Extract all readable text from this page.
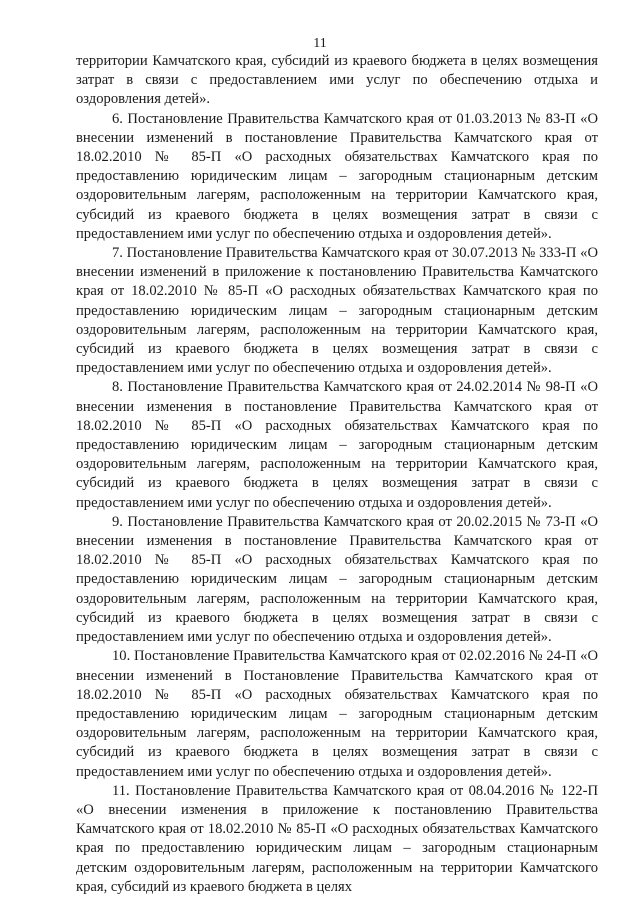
11

территории Камчатского края, субсидий из краевого бюджета в целях возмещения затрат в связи с предоставлением ими услуг по обеспечению отдыха и оздоровления детей».

6. Постановление Правительства Камчатского края от 01.03.2013 № 83-П «О внесении изменений в постановление Правительства Камчатского края от 18.02.2010 № 85-П «О расходных обязательствах Камчатского края по предоставлению юридическим лицам – загородным стационарным детским оздоровительным лагерям, расположенным на территории Камчатского края, субсидий из краевого бюджета в целях возмещения затрат в связи с предоставлением ими услуг по обеспечению отдыха и оздоровления детей».

7. Постановление Правительства Камчатского края от 30.07.2013 № 333-П «О внесении изменений в приложение к постановлению Правительства Камчатского края от 18.02.2010 № 85-П «О расходных обязательствах Камчатского края по предоставлению юридическим лицам – загородным стационарным детским оздоровительным лагерям, расположенным на территории Камчатского края, субсидий из краевого бюджета в целях возмещения затрат в связи с предоставлением ими услуг по обеспечению отдыха и оздоровления детей».

8. Постановление Правительства Камчатского края от 24.02.2014 № 98-П «О внесении изменения в постановление Правительства Камчатского края от 18.02.2010 № 85-П «О расходных обязательствах Камчатского края по предоставлению юридическим лицам – загородным стационарным детским оздоровительным лагерям, расположенным на территории Камчатского края, субсидий из краевого бюджета в целях возмещения затрат в связи с предоставлением ими услуг по обеспечению отдыха и оздоровления детей».

9. Постановление Правительства Камчатского края от 20.02.2015 № 73-П «О внесении изменения в постановление Правительства Камчатского края от 18.02.2010 № 85-П «О расходных обязательствах Камчатского края по предоставлению юридическим лицам – загородным стационарным детским оздоровительным лагерям, расположенным на территории Камчатского края, субсидий из краевого бюджета в целях возмещения затрат в связи с предоставлением ими услуг по обеспечению отдыха и оздоровления детей».

10. Постановление Правительства Камчатского края от 02.02.2016 № 24-П «О внесении изменений в Постановление Правительства Камчатского края от 18.02.2010 № 85-П «О расходных обязательствах Камчатского края по предоставлению юридическим лицам – загородным стационарным детским оздоровительным лагерям, расположенным на территории Камчатского края, субсидий из краевого бюджета в целях возмещения затрат в связи с предоставлением ими услуг по обеспечению отдыха и оздоровления детей».

11. Постановление Правительства Камчатского края от 08.04.2016 № 122-П «О внесении изменения в приложение к постановлению Правительства Камчатского края от 18.02.2010 № 85-П «О расходных обязательствах Камчатского края по предоставлению юридическим лицам – загородным стационарным детским оздоровительным лагерям, расположенным на территории Камчатского края, субсидий из краевого бюджета в целях
